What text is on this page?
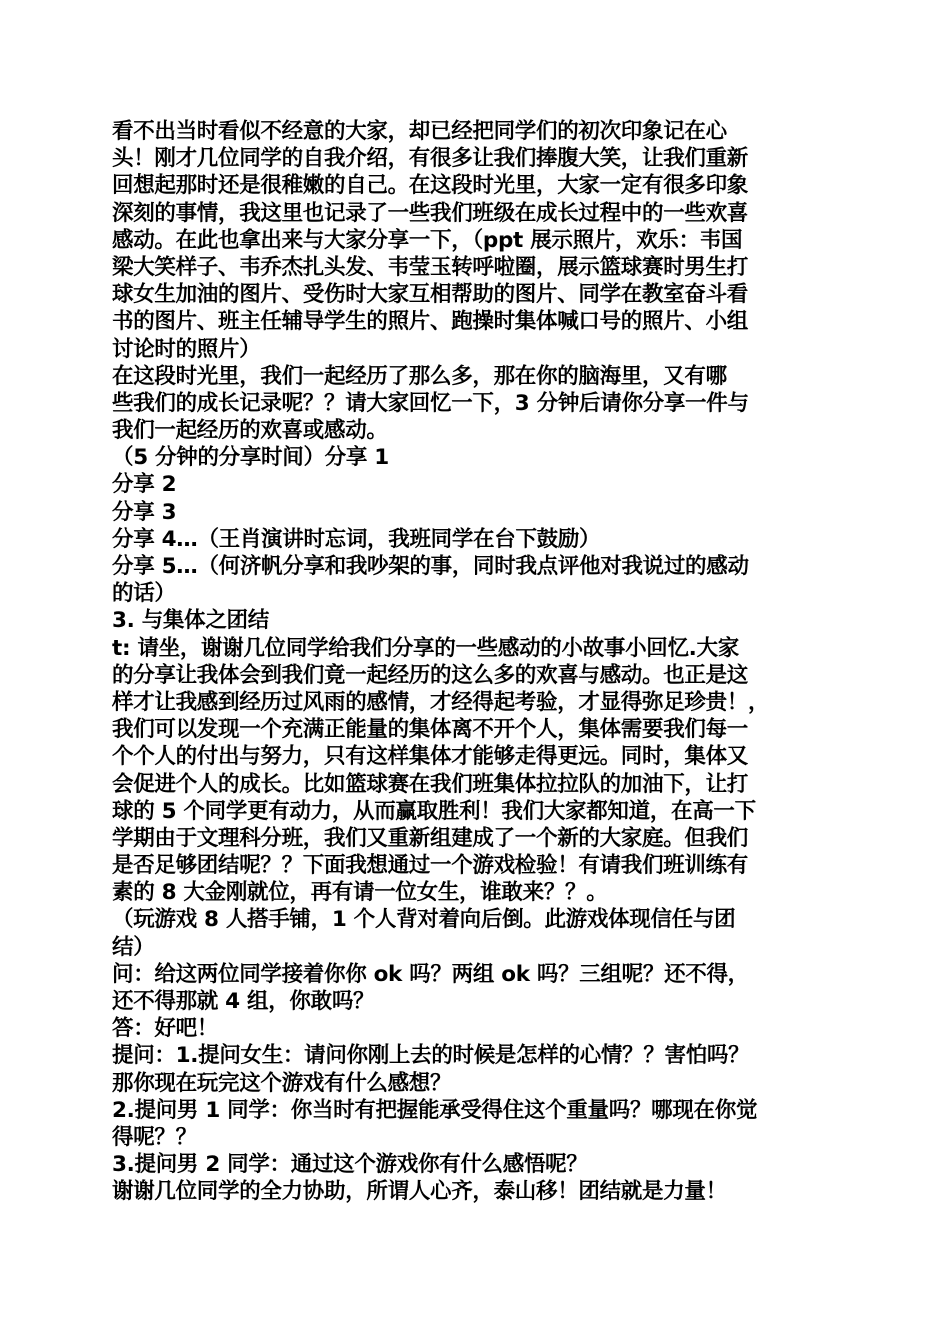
看不出当时看似不经意的大家，却已经把同学们的初次印象记在心
头！刚才几位同学的自我介绍，有很多让我们捧腹大笑，让我们重新
回想起那时还是很稚嫩的自己。在这段时光里，大家一定有很多印象
深刻的事情，我这里也记录了一些我们班级在成长过程中的一些欢喜
感动。在此也拿出来与大家分享一下，（ppt 展示照片，欢乐：韦国
梁大笑样子、韦乔杰扎头发、韦莹玉转呼啦圈，展示篮球赛时男生打
球女生加油的图片、受伤时大家互相帮助的图片、同学在教室奋斗看
书的图片、班主任辅导学生的照片、跑操时集体喊口号的照片、小组
讨论时的照片）
在这段时光里，我们一起经历了那么多，那在你的脑海里，又有哪
些我们的成长记录呢？？请大家回忆一下，3 分钟后请你分享一件与
我们一起经历的欢喜或感动。
（5 分钟的分享时间）分享 1
分享 2
分享 3
分享 4…（王肖演讲时忘词，我班同学在台下鼓励）
分享 5…（何济帆分享和我吵架的事，同时我点评他对我说过的感动
的话）
3. 与集体之团结
t: 请坐，谢谢几位同学给我们分享的一些感动的小故事小回忆.大家
的分享让我体会到我们竟一起经历的这么多的欢喜与感动。也正是这
样才让我感到经历过风雨的感情，才经得起考验，才显得弥足珍贵！，
我们可以发现一个充满正能量的集体离不开个人，集体需要我们每一
个个人的付出与努力，只有这样集体才能够走得更远。同时，集体又
会促进个人的成长。比如篮球赛在我们班集体拉拉队的加油下，让打
球的 5 个同学更有动力，从而赢取胜利！我们大家都知道，在高一下
学期由于文理科分班，我们又重新组建成了一个新的大家庭。但我们
是否足够团结呢？？下面我想通过一个游戏检验！有请我们班训练有
素的 8 大金刚就位，再有请一位女生，谁敢来？？。
（玩游戏 8 人搭手铺，1 个人背对着向后倒。此游戏体现信任与团
结）
问：给这两位同学接着你你 ok 吗？两组 ok 吗？三组呢？还不得，
还不得那就 4 组，你敢吗？
答：好吧！
提问：1.提问女生：请问你刚上去的时候是怎样的心情？？害怕吗？
那你现在玩完这个游戏有什么感想？
2.提问男 1 同学：你当时有把握能承受得住这个重量吗？哪现在你觉
得呢？？
3.提问男 2 同学：通过这个游戏你有什么感悟呢？
谢谢几位同学的全力协助，所谓人心齐，泰山移！团结就是力量！
